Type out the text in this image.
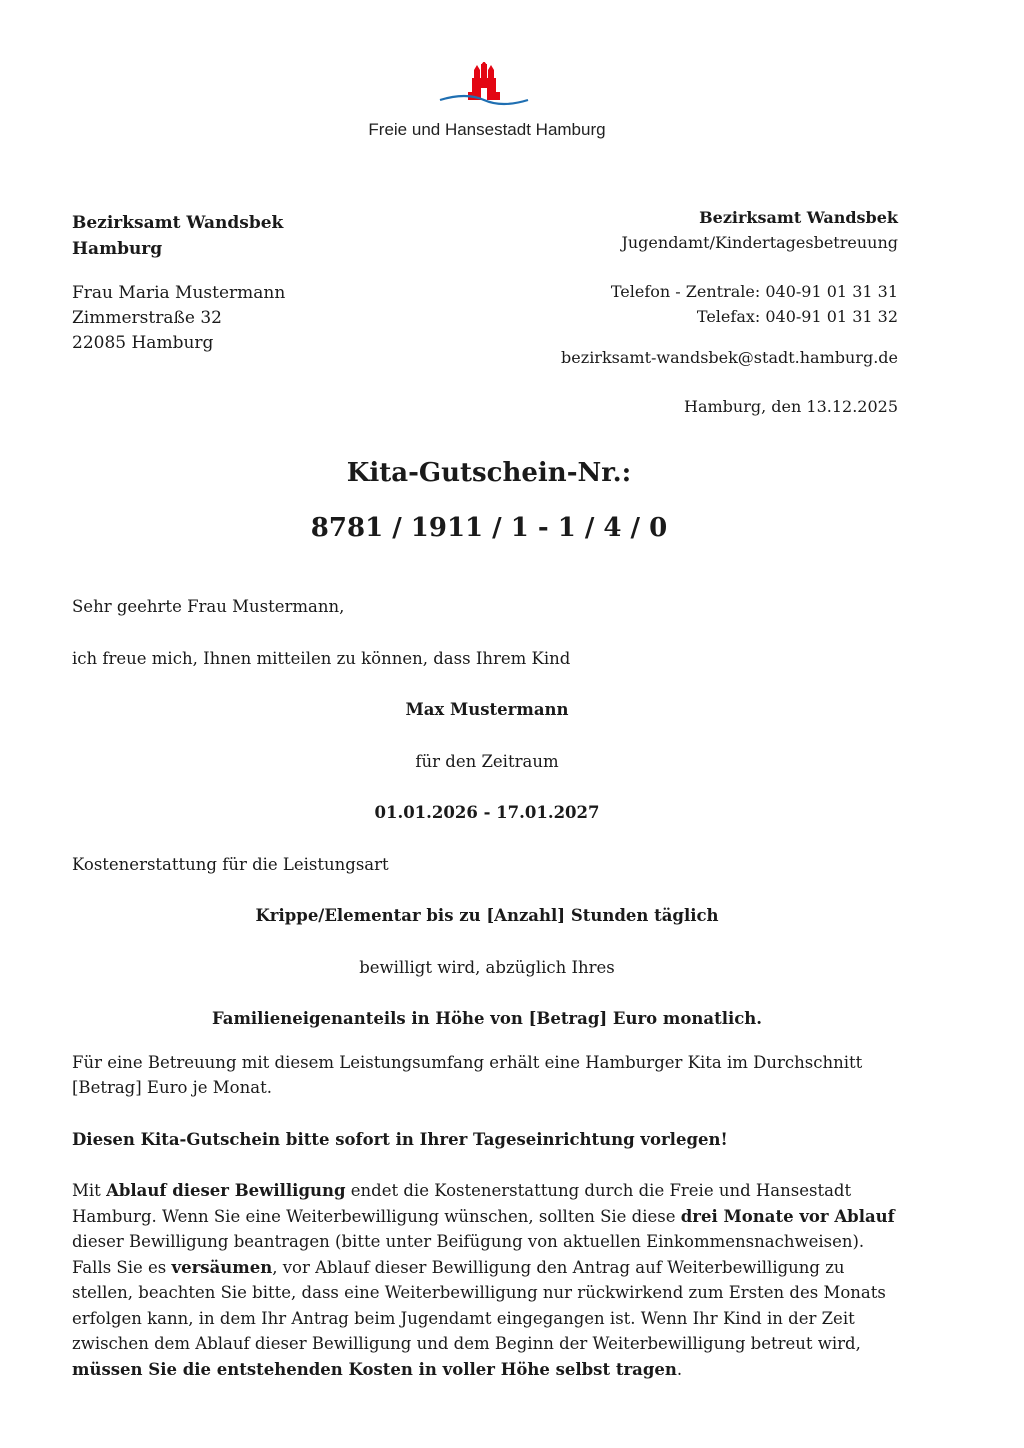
Freie und Hansestadt Hamburg
Bezirksamt Wandsbek
Hamburg
Frau Maria Mustermann
Zimmerstraße 32
22085 Hamburg
Bezirksamt Wandsbek
Jugendamt/Kindertagesbetreuung
Telefon - Zentrale: 040-91 01 31 31
Telefax: 040-91 01 31 32
bezirksamt-wandsbek@stadt.hamburg.de
Hamburg, den 13.12.2025
Kita-Gutschein-Nr.:
8781 / 1911 / 1 - 1 / 4 / 0

Sehr geehrte Frau Mustermann,

ich freue mich, Ihnen mitteilen zu können, dass Ihrem Kind

Max Mustermann

für den Zeitraum

01.01.2026 - 17.01.2027

Kostenerstattung für die Leistungsart

Krippe/Elementar bis zu [Anzahl] Stunden täglich

bewilligt wird, abzüglich Ihres

Familieneigenanteils in Höhe von [Betrag] Euro monatlich.

Für eine Betreuung mit diesem Leistungsumfang erhält eine Hamburger Kita im Durchschnitt [Betrag] Euro je Monat.

Diesen Kita-Gutschein bitte sofort in Ihrer Tageseinrichtung vorlegen!

Mit Ablauf dieser Bewilligung endet die Kostenerstattung durch die Freie und Hansestadt Hamburg. Wenn Sie eine Weiterbewilligung wünschen, sollten Sie diese drei Monate vor Ablauf dieser Bewilligung beantragen (bitte unter Beifügung von aktuellen Einkommensnachweisen). Falls Sie es versäumen, vor Ablauf dieser Bewilligung den Antrag auf Weiterbewilligung zu stellen, beachten Sie bitte, dass eine Weiterbewilligung nur rückwirkend zum Ersten des Monats erfolgen kann, in dem Ihr Antrag beim Jugendamt eingegangen ist. Wenn Ihr Kind in der Zeit zwischen dem Ablauf dieser Bewilligung und dem Beginn der Weiterbewilligung betreut wird, müssen Sie die entstehenden Kosten in voller Höhe selbst tragen.
